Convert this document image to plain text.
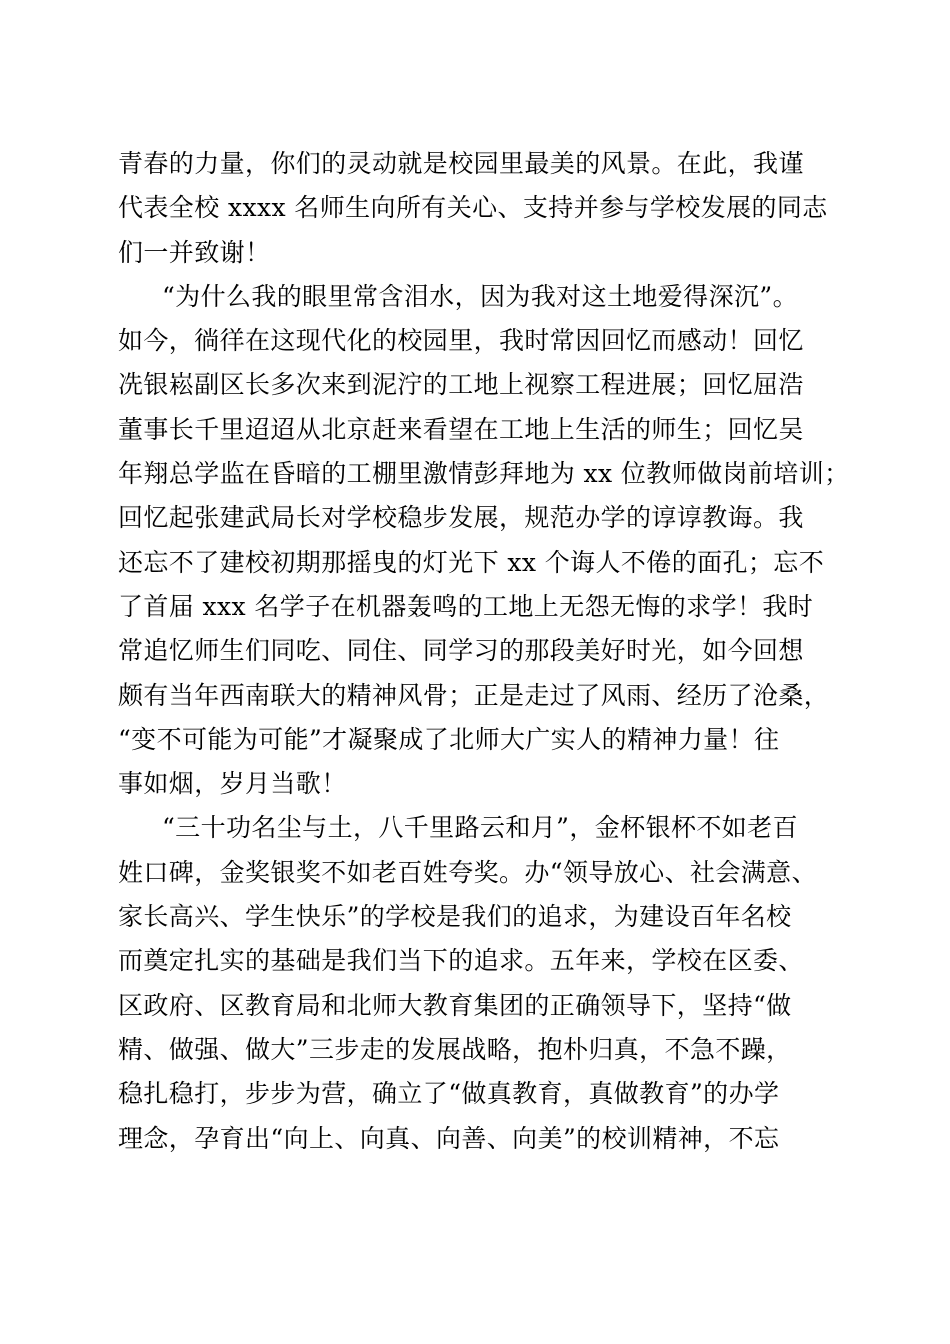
青春的力量，你们的灵动就是校园里最美的风景。在此，我谨
代表全校 xxxx 名师生向所有关心、支持并参与学校发展的同志
们一并致谢！
“为什么我的眼里常含泪水，因为我对这土地爱得深沉”。
如今，徜徉在这现代化的校园里，我时常因回忆而感动！回忆
冼银崧副区长多次来到泥泞的工地上视察工程进展；回忆屈浩
董事长千里迢迢从北京赶来看望在工地上生活的师生；回忆吴
年翔总学监在昏暗的工棚里激情彭拜地为 xx 位教师做岗前培训；
回忆起张建武局长对学校稳步发展，规范办学的谆谆教诲。我
还忘不了建校初期那摇曳的灯光下 xx 个诲人不倦的面孔；忘不
了首届 xxx 名学子在机器轰鸣的工地上无怨无悔的求学！我时
常追忆师生们同吃、同住、同学习的那段美好时光，如今回想
颇有当年西南联大的精神风骨；正是走过了风雨、经历了沧桑，
“变不可能为可能”才凝聚成了北师大广实人的精神力量！往
事如烟，岁月当歌！
“三十功名尘与土，八千里路云和月”，金杯银杯不如老百
姓口碑，金奖银奖不如老百姓夸奖。办“领导放心、社会满意、
家长高兴、学生快乐”的学校是我们的追求，为建设百年名校
而奠定扎实的基础是我们当下的追求。五年来，学校在区委、
区政府、区教育局和北师大教育集团的正确领导下，坚持“做
精、做强、做大”三步走的发展战略，抱朴归真，不急不躁，
稳扎稳打，步步为营，确立了“做真教育，真做教育”的办学
理念，孕育出“向上、向真、向善、向美”的校训精神，不忘
